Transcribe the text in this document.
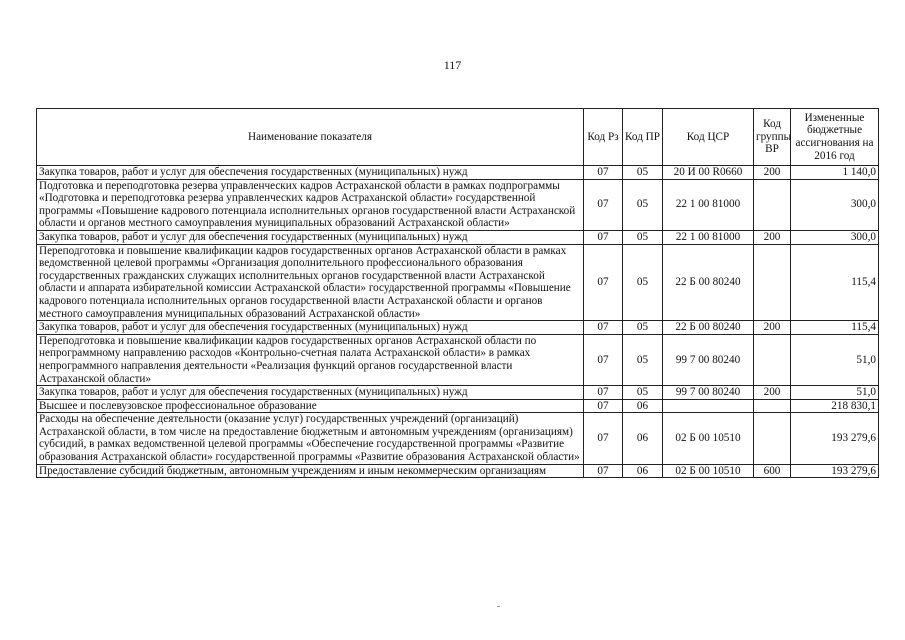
117
Наименование показателя	Код Рз	Код ПР	Код ЦСР	Код группы ВР	Измененные бюджетные ассигнования на 2016 год
Закупка товаров, работ и услуг для обеспечения государственных (муниципальных) нужд	07	05	20 И 00 R0660	200	1 140,0
Подготовка и переподготовка резерва управленческих кадров Астраханской области в рамках подпрограммы «Подготовка и переподготовка резерва управленческих кадров Астраханской области» государственной программы «Повышение кадрового потенциала исполнительных органов государственной власти Астраханской области и органов местного самоуправления муниципальных образований Астраханской области»	07	05	22 1 00 81000		300,0
Закупка товаров, работ и услуг для обеспечения государственных (муниципальных) нужд	07	05	22 1 00 81000	200	300,0
Переподготовка и повышение квалификации кадров государственных органов Астраханской области в рамках ведомственной целевой программы «Организация дополнительного профессионального образования государственных гражданских служащих исполнительных органов государственной власти Астраханской области и аппарата избирательной комиссии Астраханской области» государственной программы «Повышение кадрового потенциала исполнительных органов государственной власти Астраханской области и органов местного самоуправления муниципальных образований Астраханской области»	07	05	22 Б 00 80240		115,4
Закупка товаров, работ и услуг для обеспечения государственных (муниципальных) нужд	07	05	22 Б 00 80240	200	115,4
Переподготовка и повышение квалификации кадров государственных органов Астраханской области по непрограммному направлению расходов «Контрольно-счетная палата Астраханской области» в рамках непрограммного направления деятельности «Реализация функций органов государственной власти Астраханской области»	07	05	99 7 00 80240		51,0
Закупка товаров, работ и услуг для обеспечения государственных (муниципальных) нужд	07	05	99 7 00 80240	200	51,0
Высшее и послевузовское профессиональное образование	07	06			218 830,1
Расходы на обеспечение деятельности (оказание услуг) государственных учреждений (организаций) Астраханской области, в том числе на предоставление бюджетным и автономным учреждениям (организациям) субсидий, в рамках ведомственной целевой программы «Обеспечение государственной программы «Развитие образования Астраханской области» государственной программы «Развитие образования Астраханской области»	07	06	02 Б 00 10510		193 279,6
Предоставление субсидий бюджетным, автономным учреждениям и иным некоммерческим организациям	07	06	02 Б 00 10510	600	193 279,6
